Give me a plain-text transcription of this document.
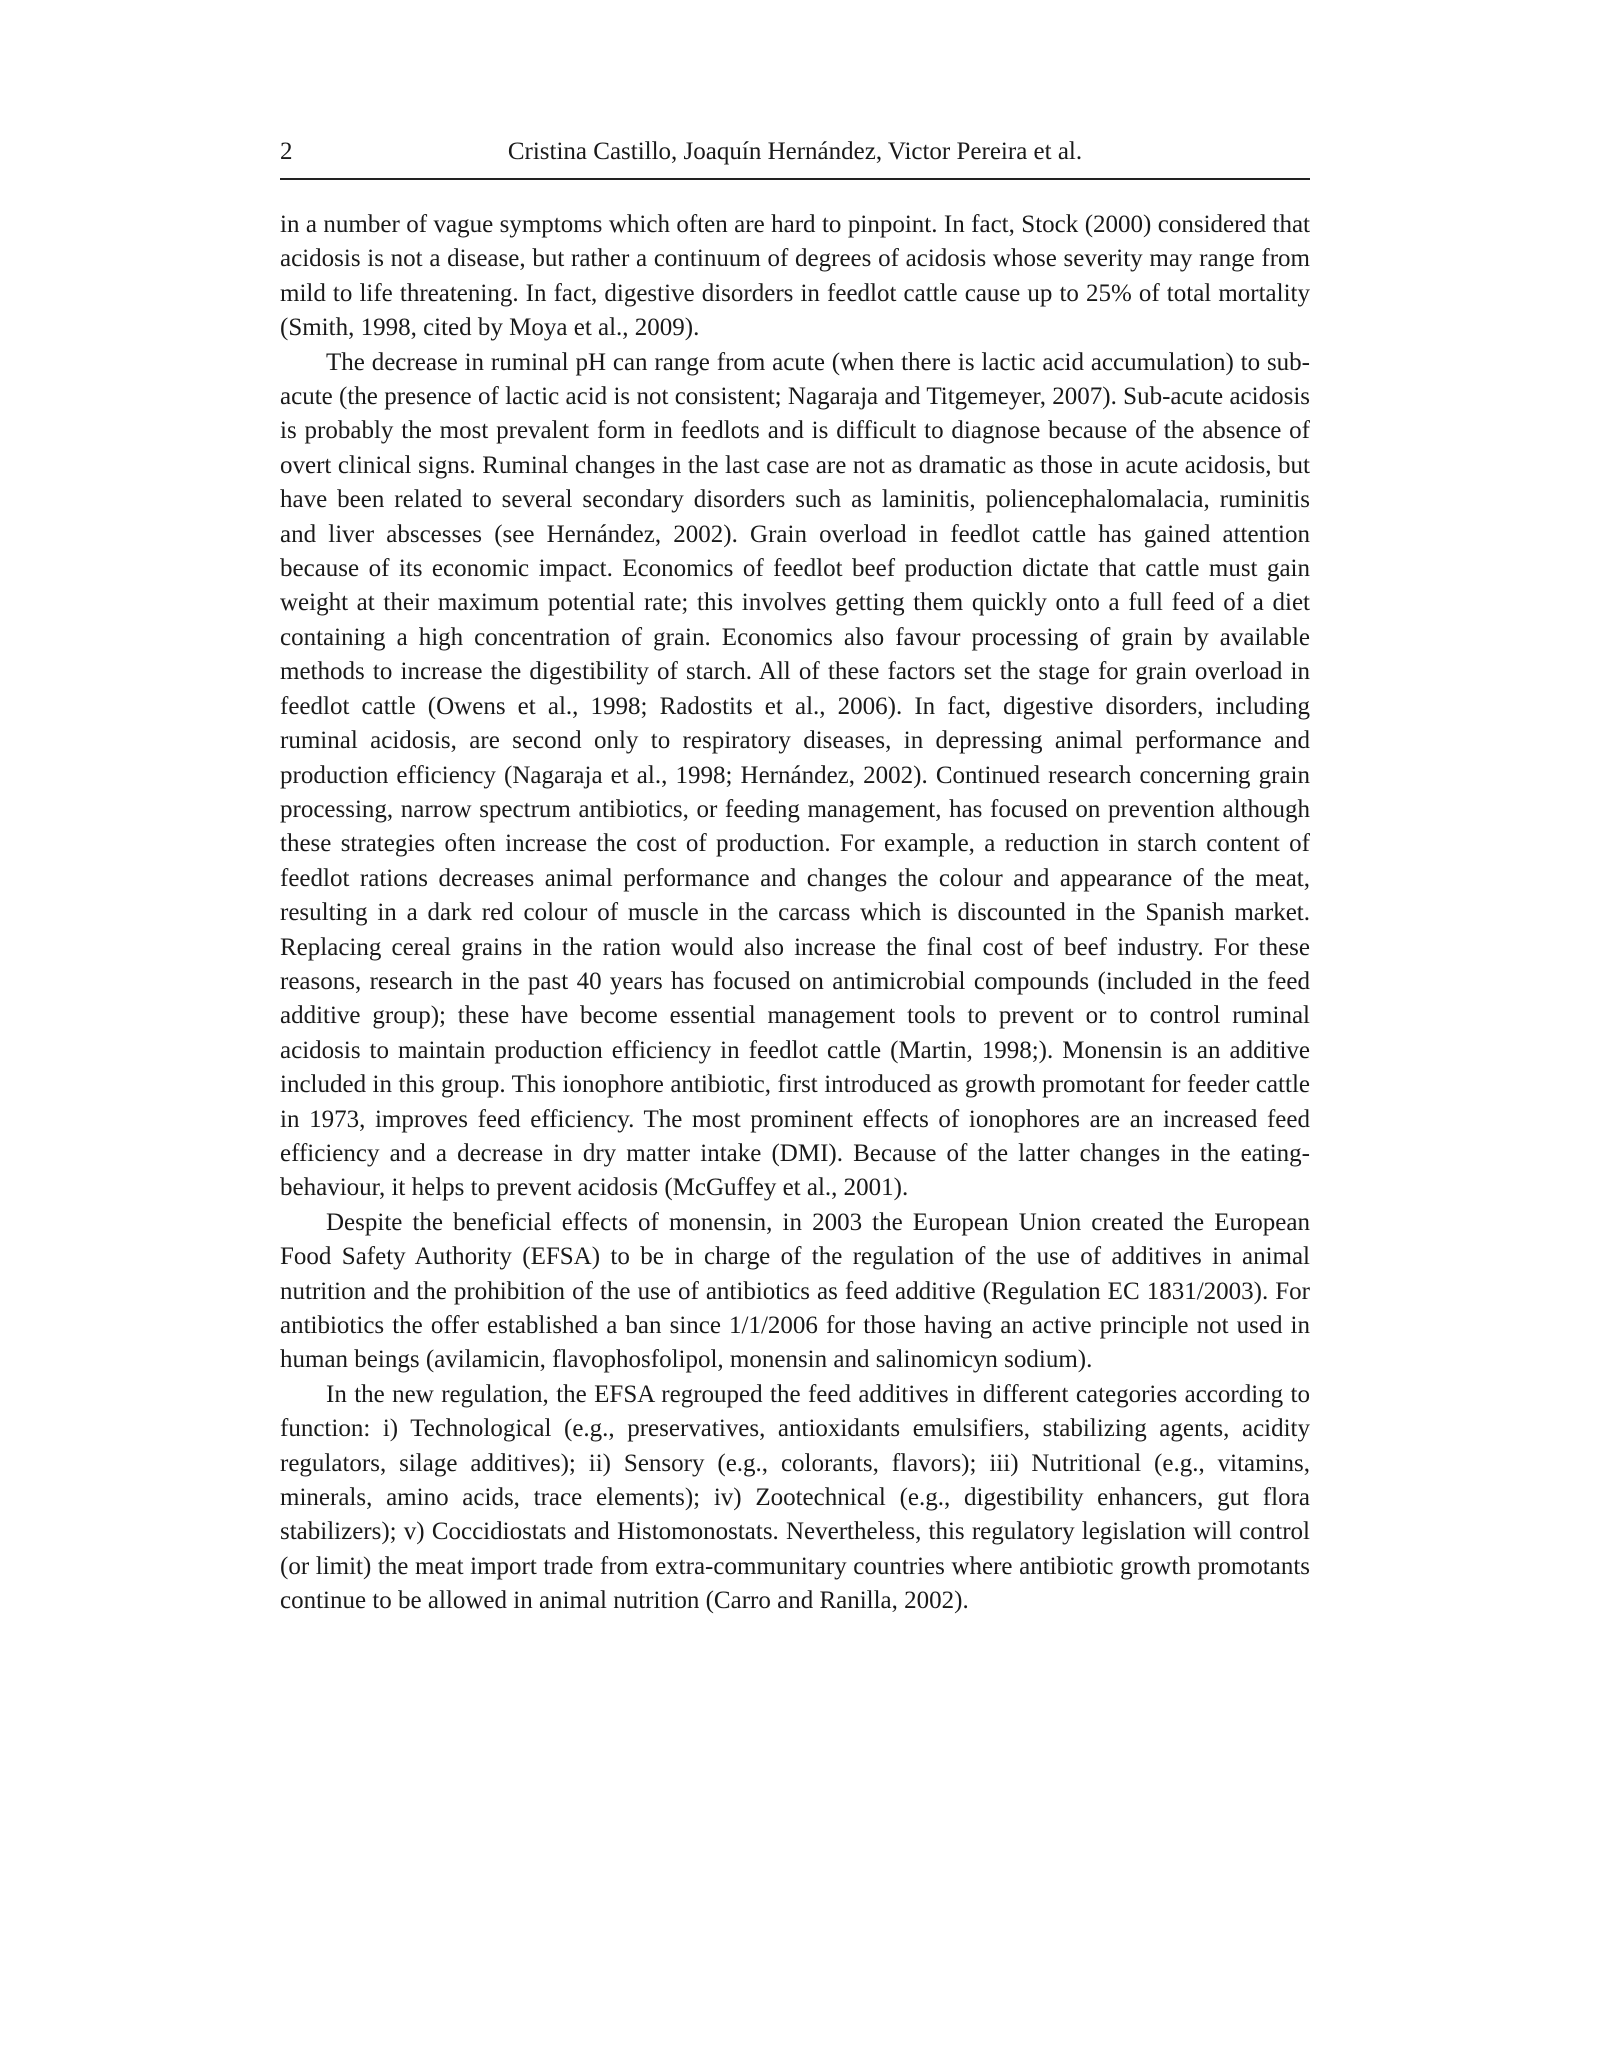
2	Cristina Castillo, Joaquín Hernández, Victor Pereira et al.

in a number of vague symptoms which often are hard to pinpoint. In fact, Stock (2000) considered that acidosis is not a disease, but rather a continuum of degrees of acidosis whose severity may range from mild to life threatening. In fact, digestive disorders in feedlot cattle cause up to 25% of total mortality (Smith, 1998, cited by Moya et al., 2009).

The decrease in ruminal pH can range from acute (when there is lactic acid accumulation) to sub-acute (the presence of lactic acid is not consistent; Nagaraja and Titgemeyer, 2007). Sub-acute acidosis is probably the most prevalent form in feedlots and is difficult to diagnose because of the absence of overt clinical signs. Ruminal changes in the last case are not as dramatic as those in acute acidosis, but have been related to several secondary disorders such as laminitis, poliencephalomalacia, ruminitis and liver abscesses (see Hernández, 2002). Grain overload in feedlot cattle has gained attention because of its economic impact. Economics of feedlot beef production dictate that cattle must gain weight at their maximum potential rate; this involves getting them quickly onto a full feed of a diet containing a high concentration of grain. Economics also favour processing of grain by available methods to increase the digestibility of starch. All of these factors set the stage for grain overload in feedlot cattle (Owens et al., 1998; Radostits et al., 2006). In fact, digestive disorders, including ruminal acidosis, are second only to respiratory diseases, in depressing animal performance and production efficiency (Nagaraja et al., 1998; Hernández, 2002). Continued research concerning grain processing, narrow spectrum antibiotics, or feeding management, has focused on prevention although these strategies often increase the cost of production. For example, a reduction in starch content of feedlot rations decreases animal performance and changes the colour and appearance of the meat, resulting in a dark red colour of muscle in the carcass which is discounted in the Spanish market. Replacing cereal grains in the ration would also increase the final cost of beef industry. For these reasons, research in the past 40 years has focused on antimicrobial compounds (included in the feed additive group); these have become essential management tools to prevent or to control ruminal acidosis to maintain production efficiency in feedlot cattle (Martin, 1998;). Monensin is an additive included in this group. This ionophore antibiotic, first introduced as growth promotant for feeder cattle in 1973, improves feed efficiency. The most prominent effects of ionophores are an increased feed efficiency and a decrease in dry matter intake (DMI). Because of the latter changes in the eating-behaviour, it helps to prevent acidosis (McGuffey et al., 2001).

Despite the beneficial effects of monensin, in 2003 the European Union created the European Food Safety Authority (EFSA) to be in charge of the regulation of the use of additives in animal nutrition and the prohibition of the use of antibiotics as feed additive (Regulation EC 1831/2003). For antibiotics the offer established a ban since 1/1/2006 for those having an active principle not used in human beings (avilamicin, flavophosfolipol, monensin and salinomicyn sodium).

In the new regulation, the EFSA regrouped the feed additives in different categories according to function: i) Technological (e.g., preservatives, antioxidants emulsifiers, stabilizing agents, acidity regulators, silage additives); ii) Sensory (e.g., colorants, flavors); iii) Nutritional (e.g., vitamins, minerals, amino acids, trace elements); iv) Zootechnical (e.g., digestibility enhancers, gut flora stabilizers); v) Coccidiostats and Histomonostats. Nevertheless, this regulatory legislation will control (or limit) the meat import trade from extra-communitary countries where antibiotic growth promotants continue to be allowed in animal nutrition (Carro and Ranilla, 2002).
